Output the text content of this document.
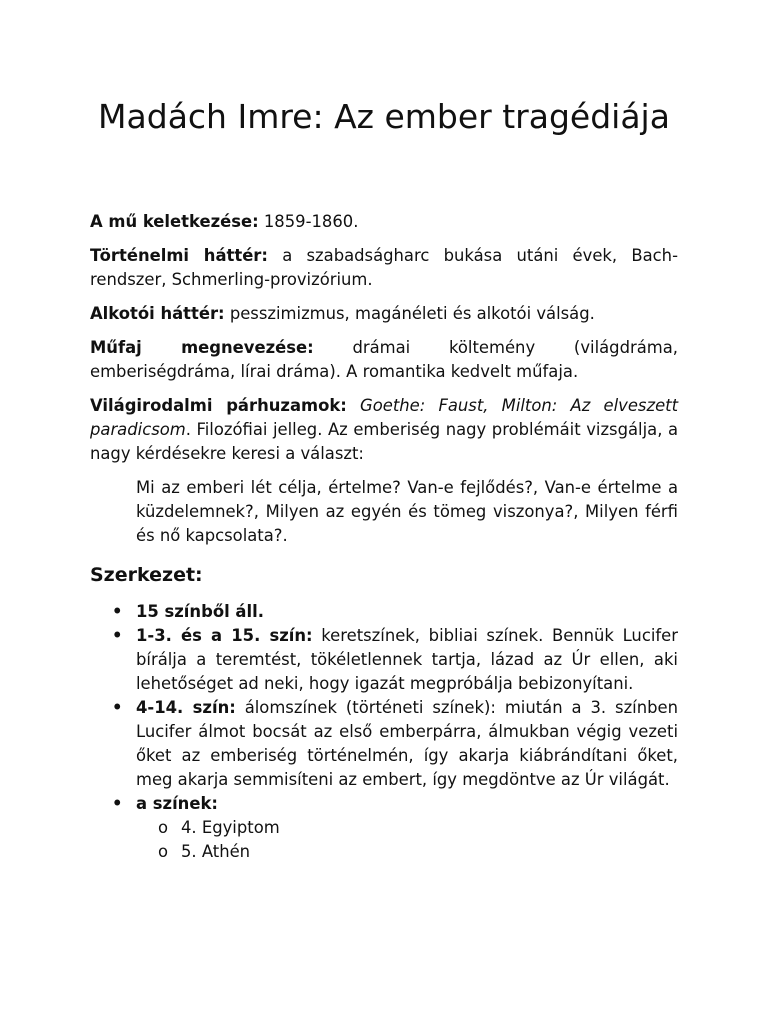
Madách Imre: Az ember tragédiája

A mű keletkezése: 1859-1860.

Történelmi háttér: a szabadságharc bukása utáni évek, Bach-rendszer, Schmerling-provizórium.

Alkotói háttér: pesszimizmus, magánéleti és alkotói válság.

Műfaj megnevezése: drámai költemény (világdráma, emberiségdráma, lírai dráma). A romantika kedvelt műfaja.

Világirodalmi párhuzamok: Goethe: Faust, Milton: Az elveszett paradicsom. Filozófiai jelleg. Az emberiség nagy problémáit vizsgálja, a nagy kérdésekre keresi a választ:

Mi az emberi lét célja, értelme? Van-e fejlődés?, Van-e értelme a küzdelemnek?, Milyen az egyén és tömeg viszonya?, Milyen férfi és nő kapcsolata?.

Szerkezet:
• 15 színből áll.
• 1-3. és a 15. szín: keretszínek, bibliai színek. Bennük Lucifer bírálja a teremtést, tökéletlennek tartja, lázad az Úr ellen, aki lehetőséget ad neki, hogy igazát megpróbálja bebizonyítani.
• 4-14. szín: álomszínek (történeti színek): miután a 3. színben Lucifer álmot bocsát az első emberpárra, álmukban végig vezeti őket az emberiség történelmén, így akarja kiábrándítani őket, meg akarja semmisíteni az embert, így megdöntve az Úr világát.
• a színek:
o 4. Egyiptom
o 5. Athén
